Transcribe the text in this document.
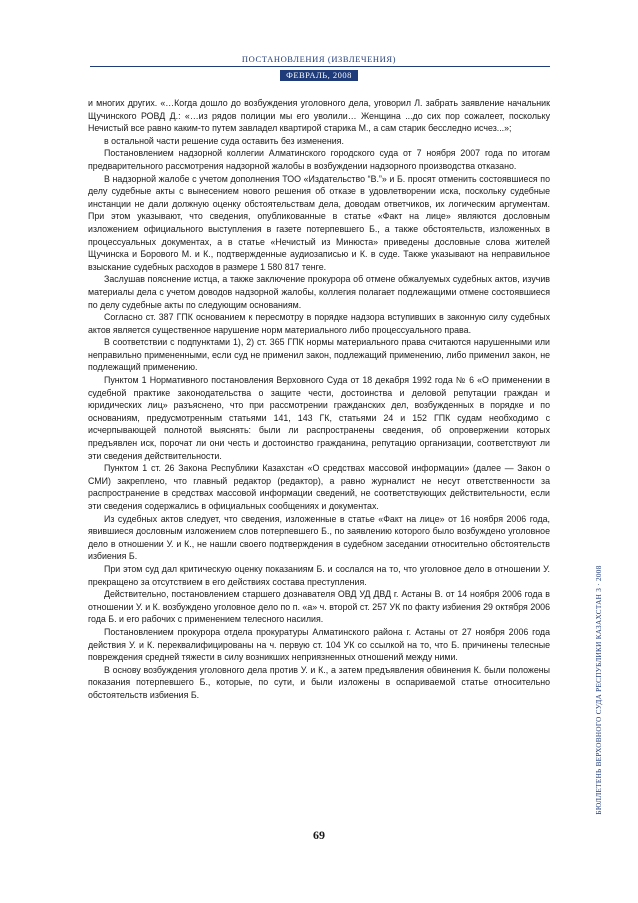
ПОСТАНОВЛЕНИЯ (ИЗВЛЕЧЕНИЯ)
ФЕВРАЛЬ, 2008

и многих других. «…Когда дошло до возбуждения уголовного дела, уговорил Л. забрать заявление начальник Щучинского РОВД Д.: «…из рядов полиции мы его уволили… Женщина ...до сих пор сожалеет, поскольку Нечистый все равно каким-то путем завладел квартирой старика М., а сам старик бесследно исчез...»;

в остальной части решение суда оставить без изменения.

Постановлением надзорной коллегии Алматинского городского суда от 7 ноября 2007 года по итогам предварительного рассмотрения надзорной жалобы в возбуждении надзорного производства отказано.

В надзорной жалобе с учетом дополнения ТОО «Издательство “В.”» и Б. просят отменить состоявшиеся по делу судебные акты с вынесением нового решения об отказе в удовлетворении иска, поскольку судебные инстанции не дали должную оценку обстоятельствам дела, доводам ответчиков, их логическим аргументам. При этом указывают, что сведения, опубликованные в статье «Факт на лице» являются дословным изложением официального выступления в газете потерпевшего Б., а также обстоятельств, изложенных в процессуальных документах, а в статье «Нечистый из Минюста» приведены дословные слова жителей Щучинска и Борового М. и К., подтвержденные аудиозаписью и К. в суде. Также указывают на неправильное взыскание судебных расходов в размере 1 580 817 тенге.

Заслушав пояснение истца, а также заключение прокурора об отмене обжалуемых судебных актов, изучив материалы дела с учетом доводов надзорной жалобы, коллегия полагает подлежащими отмене состоявшиеся по делу судебные акты по следующим основаниям.

Согласно ст. 387 ГПК основанием к пересмотру в порядке надзора вступивших в законную силу судебных актов является существенное нарушение норм материального либо процессуального права.

В соответствии с подпунктами 1), 2) ст. 365 ГПК нормы материального права считаются нарушенными или неправильно примененными, если суд не применил закон, подлежащий применению, либо применил закон, не подлежащий применению.

Пунктом 1 Нормативного постановления Верховного Суда от 18 декабря 1992 года № 6 «О применении в судебной практике законодательства о защите чести, достоинства и деловой репутации граждан и юридических лиц» разъяснено, что при рассмотрении гражданских дел, возбужденных в порядке и по основаниям, предусмотренным статьями 141, 143 ГК, статьями 24 и 152 ГПК судам необходимо с исчерпывающей полнотой выяснять: были ли распространены сведения, об опровержении которых предъявлен иск, порочат ли они честь и достоинство гражданина, репутацию организации, соответствуют ли эти сведения действительности.

Пунктом 1 ст. 26 Закона Республики Казахстан «О средствах массовой информации» (далее — Закон о СМИ) закреплено, что главный редактор (редактор), а равно журналист не несут ответственности за распространение в средствах массовой информации сведений, не соответствующих действительности, если эти сведения содержались в официальных сообщениях и документах.

Из судебных актов следует, что сведения, изложенные в статье «Факт на лице» от 16 ноября 2006 года, явившиеся дословным изложением слов потерпевшего Б., по заявлению которого было возбуждено уголовное дело в отношении У. и К., не нашли своего подтверждения в судебном заседании относительно обстоятельств избиения Б.

При этом суд дал критическую оценку показаниям Б. и сослался на то, что уголовное дело в отношении У. прекращено за отсутствием в его действиях состава преступления.

Действительно, постановлением старшего дознавателя ОВД УД ДВД г. Астаны В. от 14 ноября 2006 года в отношении У. и К. возбуждено уголовное дело по п. «а» ч. второй ст. 257 УК по факту избиения 29 октября 2006 года Б. и его рабочих с применением телесного насилия.

Постановлением прокурора отдела прокуратуры Алматинского района г. Астаны от 27 ноября 2006 года действия У. и К. переквалифицированы на ч. первую ст. 104 УК со ссылкой на то, что Б. причинены телесные повреждения средней тяжести в силу возникших неприязненных отношений между ними.

В основу возбуждения уголовного дела против У. и К., а затем предъявления обвинения К. были положены показания потерпевшего Б., которые, по сути, и были изложены в оспариваемой статье относительно обстоятельств избиения Б.	БЮЛЛЕТЕНЬ ВЕРХОВНОГО СУДА РЕСПУБЛИКИ КАЗАХСТАН 3 · 2008
69
